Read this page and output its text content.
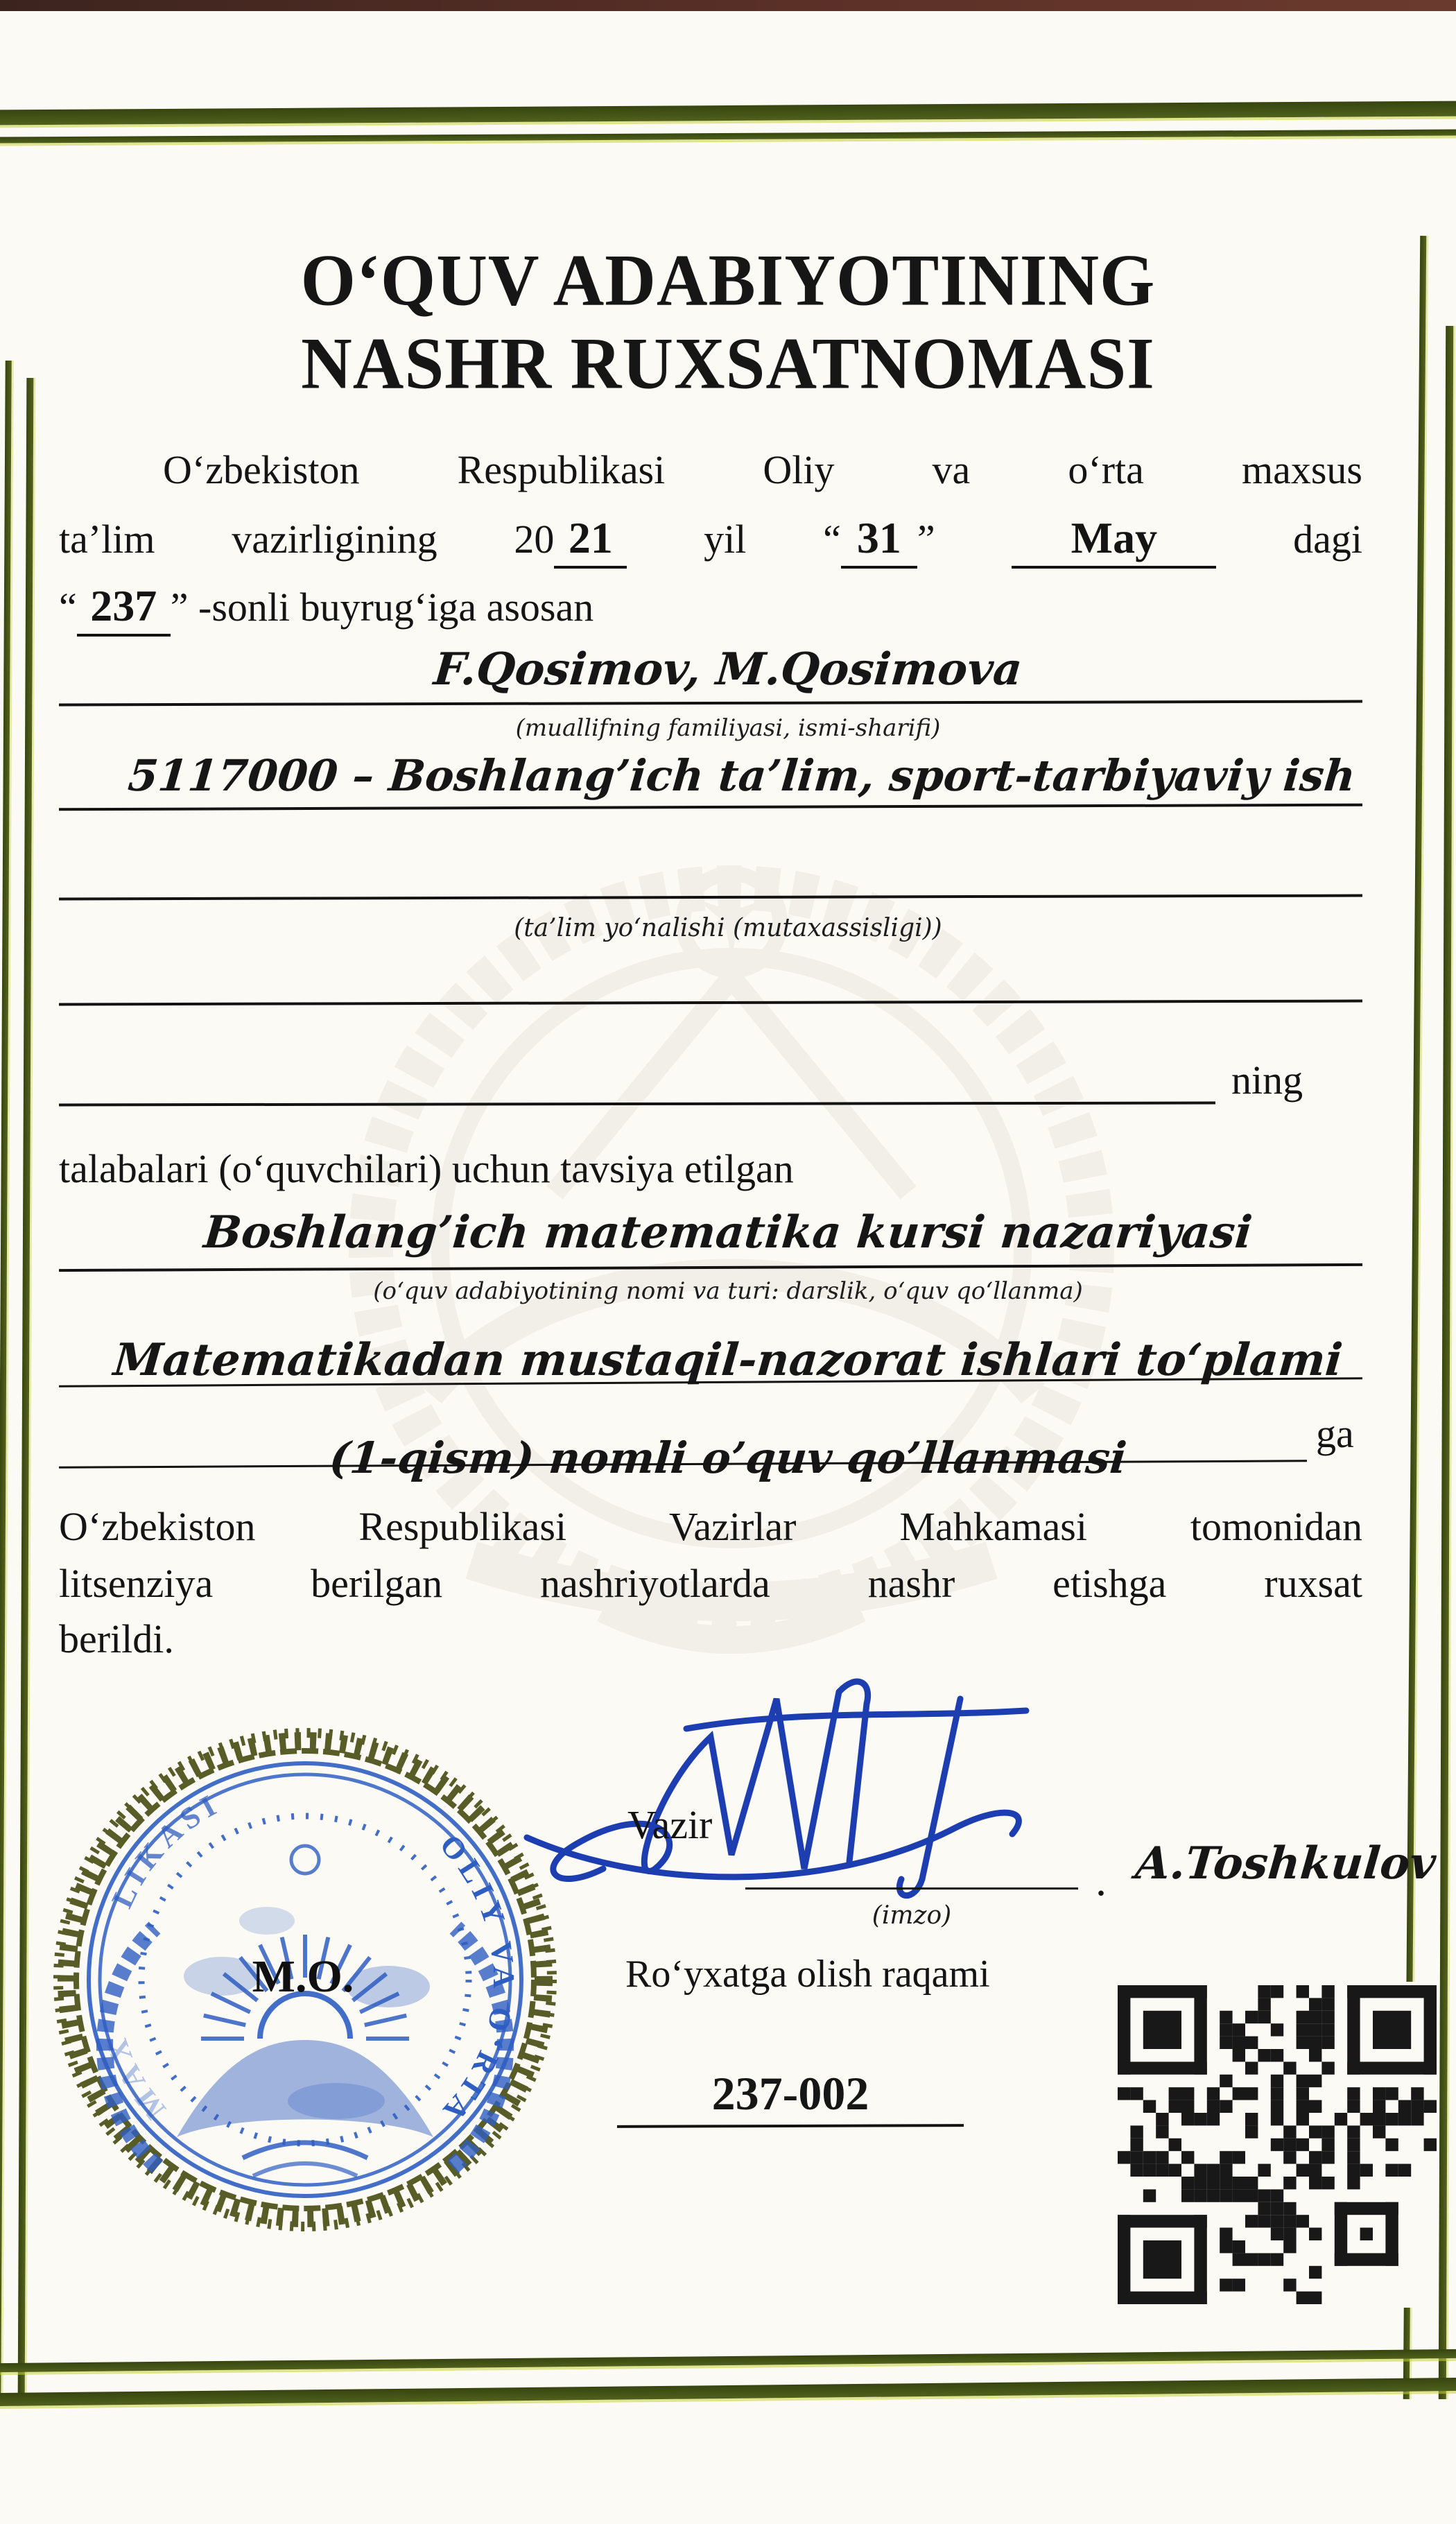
✶
O‘QUV ADABIYOTINING
NASHR RUXSATNOMASI
O‘zbekiston Respublikasi Oliy va o‘rta maxsus
ta’lim vazirligining 20 21	yil “ 31 ”	May	dagi
“ 237 ” -sonli buyrug‘iga asosan
F.Qosimov, M.Qosimova
(muallifning familiyasi, ismi-sharifi)
5117000 – Boshlang’ich ta’lim, sport-tarbiyaviy ish
(ta’lim yo‘nalishi (mutaxassisligi))
ning
talabalari (o‘quvchilari) uchun tavsiya etilgan
Boshlang’ich matematika kursi nazariyasi
(o‘quv adabiyotining nomi va turi: darslik, o‘quv qo‘llanma)
Matematikadan mustaqil-nazorat ishlari to‘plami
ga
(1-qism) nomli o’quv qo’llanmasi
O‘zbekiston Respublikasi Vazirlar Mahkamasi tomonidan
litsenziya berilgan nashriyotlarda nashr etishga ruxsat
berildi.
Vazir
(imzo)
. A.Toshkulov
OLIY VA O‘RTA
LIKASI
MAX
M.O.	Ro‘yxatga olish raqami
237-002
